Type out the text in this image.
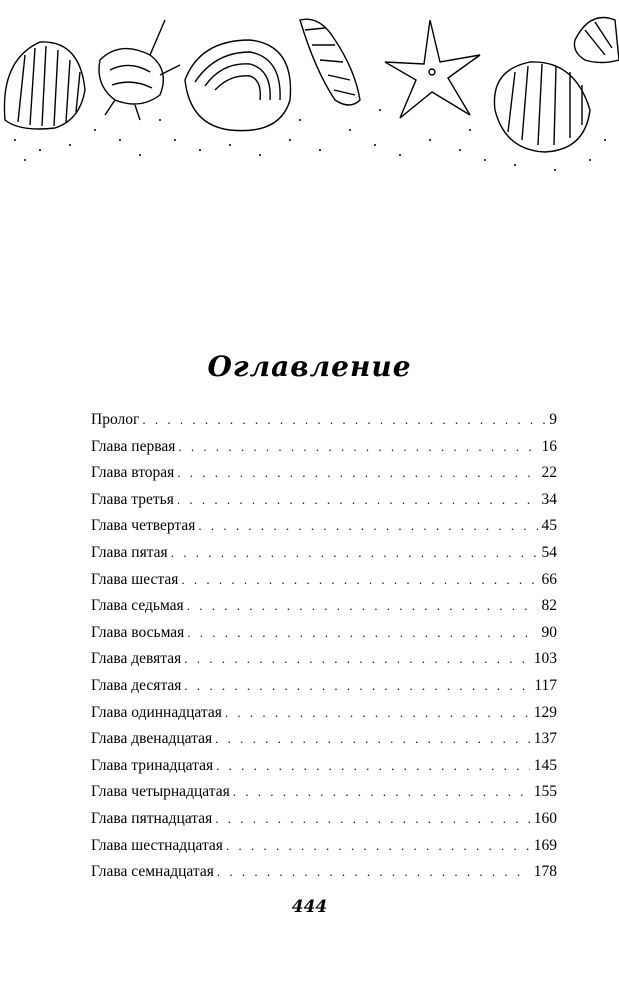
Оглавление
Пролог . . .	9
Глава первая . . .	16
Глава вторая . . .	22
Глава третья . . .	34
Глава четвертая . . .	45
Глава пятая . . .	54
Глава шестая . . .	66
Глава седьмая . . .	82
Глава восьмая . . .	90
Глава девятая . . .	103
Глава десятая . . .	117
Глава одиннадцатая . . .	129
Глава двенадцатая . . .	137
Глава тринадцатая . . .	145
Глава четырнадцатая . . .	155
Глава пятнадцатая . . .	160
Глава шестнадцатая . . .	169
Глава семнадцатая . . .	178
444
